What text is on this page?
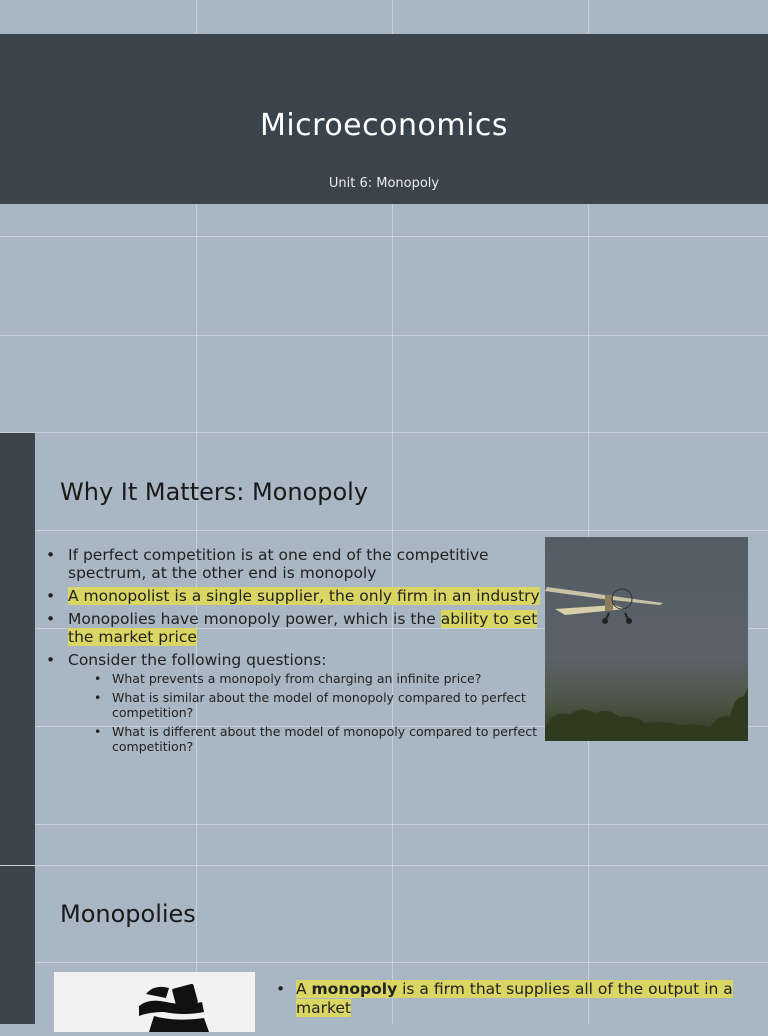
Microeconomics
Unit 6: Monopoly
Why It Matters: Monopoly
• If perfect competition is at one end of the competitive spectrum, at the other end is monopoly
• A monopolist is a single supplier, the only firm in an industry
• Monopolies have monopoly power, which is the ability to set the market price
• Consider the following questions:
• What prevents a monopoly from charging an infinite price?
• What is similar about the model of monopoly compared to perfect competition?
• What is different about the model of monopoly compared to perfect competition?
Monopolies
• A monopoly is a firm that supplies all of the output in a market
